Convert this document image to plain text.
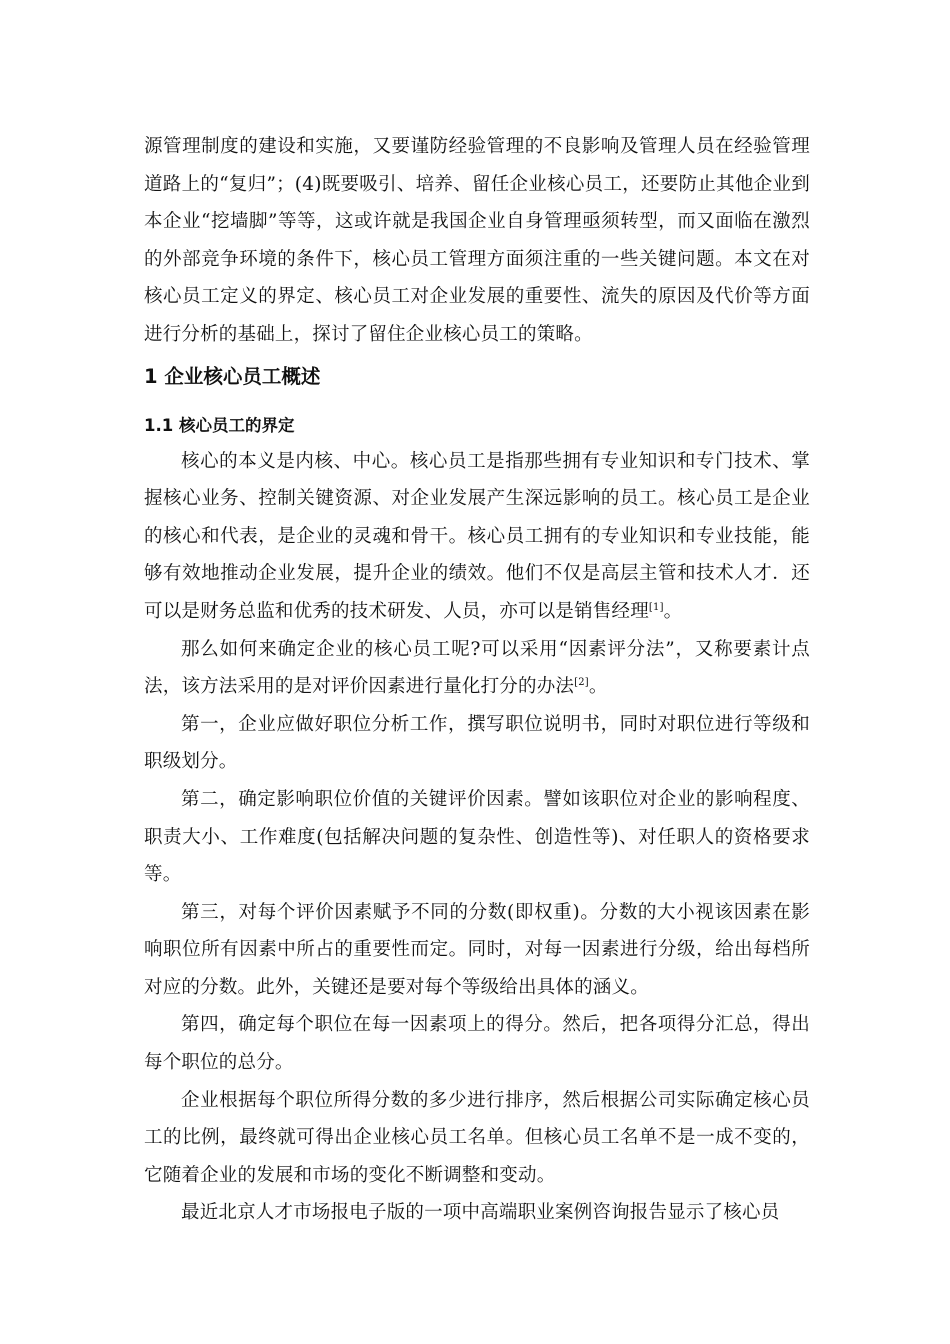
源管理制度的建设和实施，又要谨防经验管理的不良影响及管理人员在经验管理道路上的“复归”；(4)既要吸引、培养、留任企业核心员工，还要防止其他企业到本企业“挖墙脚”等等，这或许就是我国企业自身管理亟须转型，而又面临在激烈的外部竞争环境的条件下，核心员工管理方面须注重的一些关键问题。本文在对核心员工定义的界定、核心员工对企业发展的重要性、流失的原因及代价等方面进行分析的基础上，探讨了留住企业核心员工的策略。

1 企业核心员工概述
1.1 核心员工的界定

核心的本义是内核、中心。核心员工是指那些拥有专业知识和专门技术、掌握核心业务、控制关键资源、对企业发展产生深远影响的员工。核心员工是企业的核心和代表，是企业的灵魂和骨干。核心员工拥有的专业知识和专业技能，能够有效地推动企业发展，提升企业的绩效。他们不仅是高层主管和技术人才．还可以是财务总监和优秀的技术研发、人员，亦可以是销售经理[1]。

那么如何来确定企业的核心员工呢?可以采用“因素评分法”，又称要素计点法，该方法采用的是对评价因素进行量化打分的办法[2]。

第一，企业应做好职位分析工作，撰写职位说明书，同时对职位进行等级和职级划分。

第二，确定影响职位价值的关键评价因素。譬如该职位对企业的影响程度、职责大小、工作难度(包括解决问题的复杂性、创造性等)、对任职人的资格要求等。

第三，对每个评价因素赋予不同的分数(即权重)。分数的大小视该因素在影响职位所有因素中所占的重要性而定。同时，对每一因素进行分级，给出每档所对应的分数。此外，关键还是要对每个等级给出具体的涵义。

第四，确定每个职位在每一因素项上的得分。然后，把各项得分汇总，得出每个职位的总分。

企业根据每个职位所得分数的多少进行排序，然后根据公司实际确定核心员工的比例，最终就可得出企业核心员工名单。但核心员工名单不是一成不变的，它随着企业的发展和市场的变化不断调整和变动。

最近北京人才市场报电子版的一项中高端职业案例咨询报告显示了核心员
